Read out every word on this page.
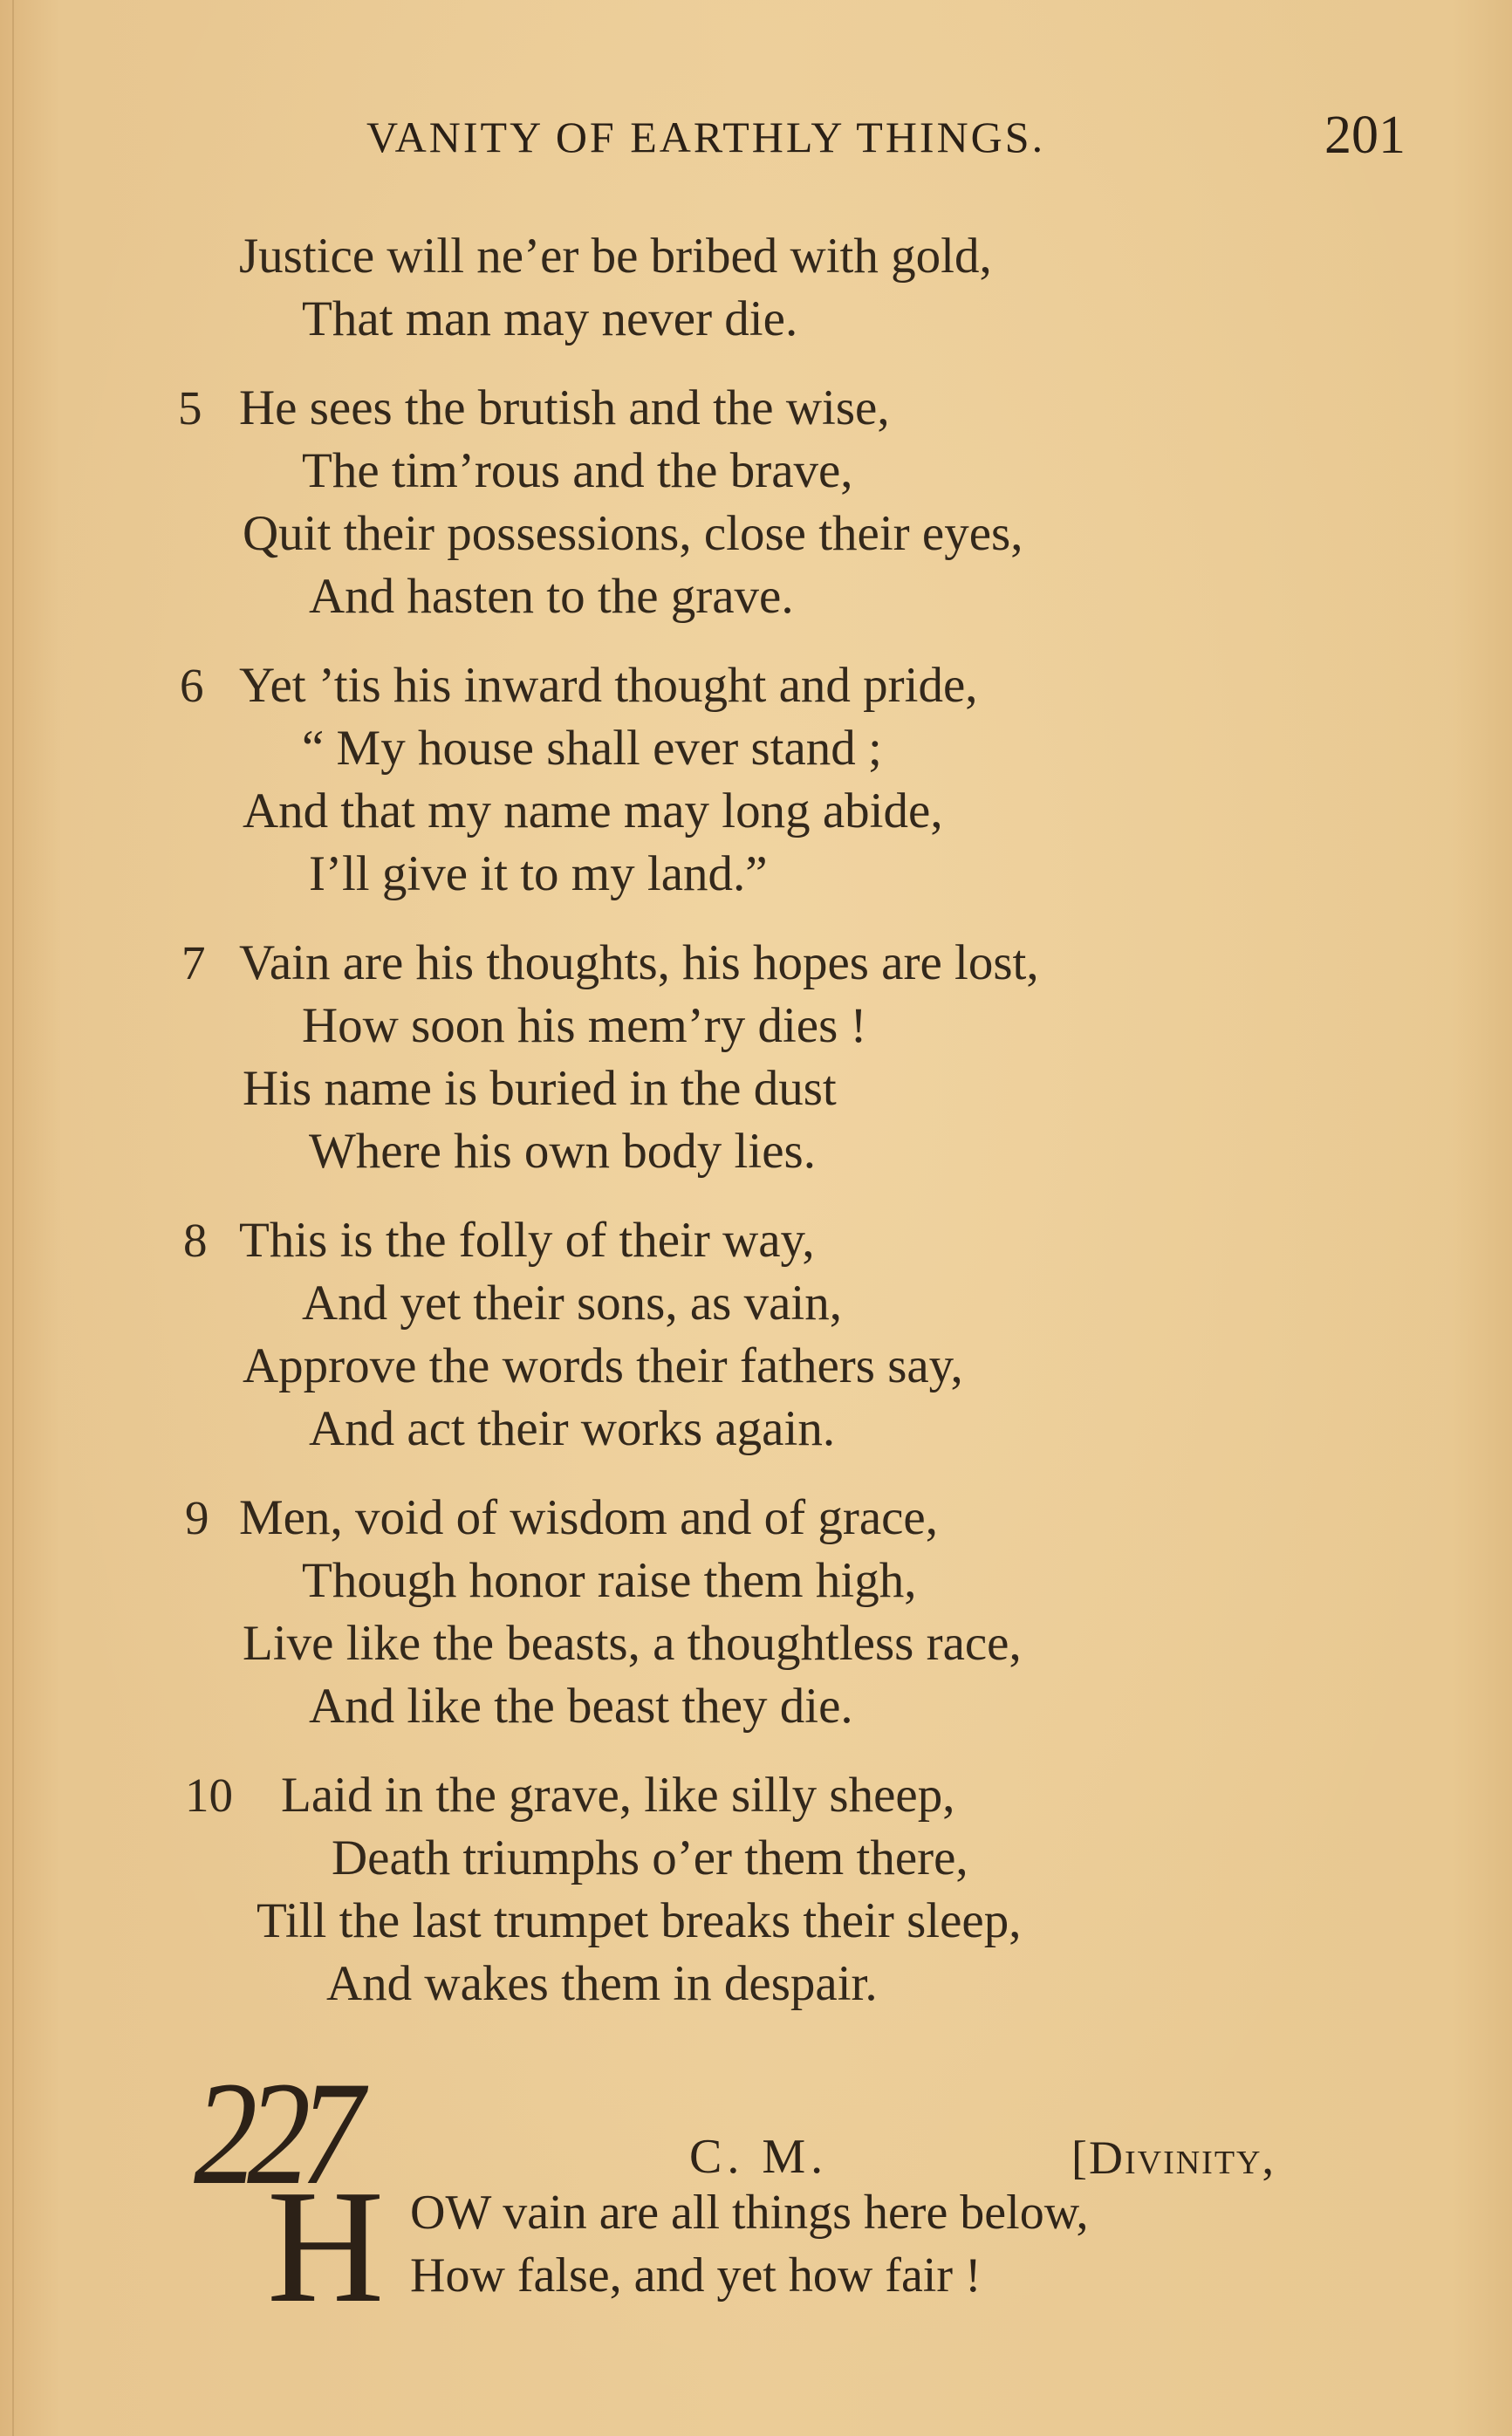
VANITY OF EARTHLY THINGS.	201
Justice will ne’er be bribed with gold,
That man may never die.
5 He sees the brutish and the wise,
The tim’rous and the brave,
Quit their possessions, close their eyes,
And hasten to the grave.
6 Yet ’tis his inward thought and pride,
“ My house shall ever stand ;
And that my name may long abide,
I’ll give it to my land.”
7 Vain are his thoughts, his hopes are lost,
How soon his mem’ry dies !
His name is buried in the dust
Where his own body lies.
8 This is the folly of their way,
And yet their sons, as vain,
Approve the words their fathers say,
And act their works again.
9 Men, void of wisdom and of grace,
Though honor raise them high,
Live like the beasts, a thoughtless race,
And like the beast they die.
10 Laid in the grave, like silly sheep,
Death triumphs o’er them there,
Till the last trumpet breaks their sleep,
And wakes them in despair.
227	C. M.	[Divinity,
H OW vain are all things here below,
How false, and yet how fair !
